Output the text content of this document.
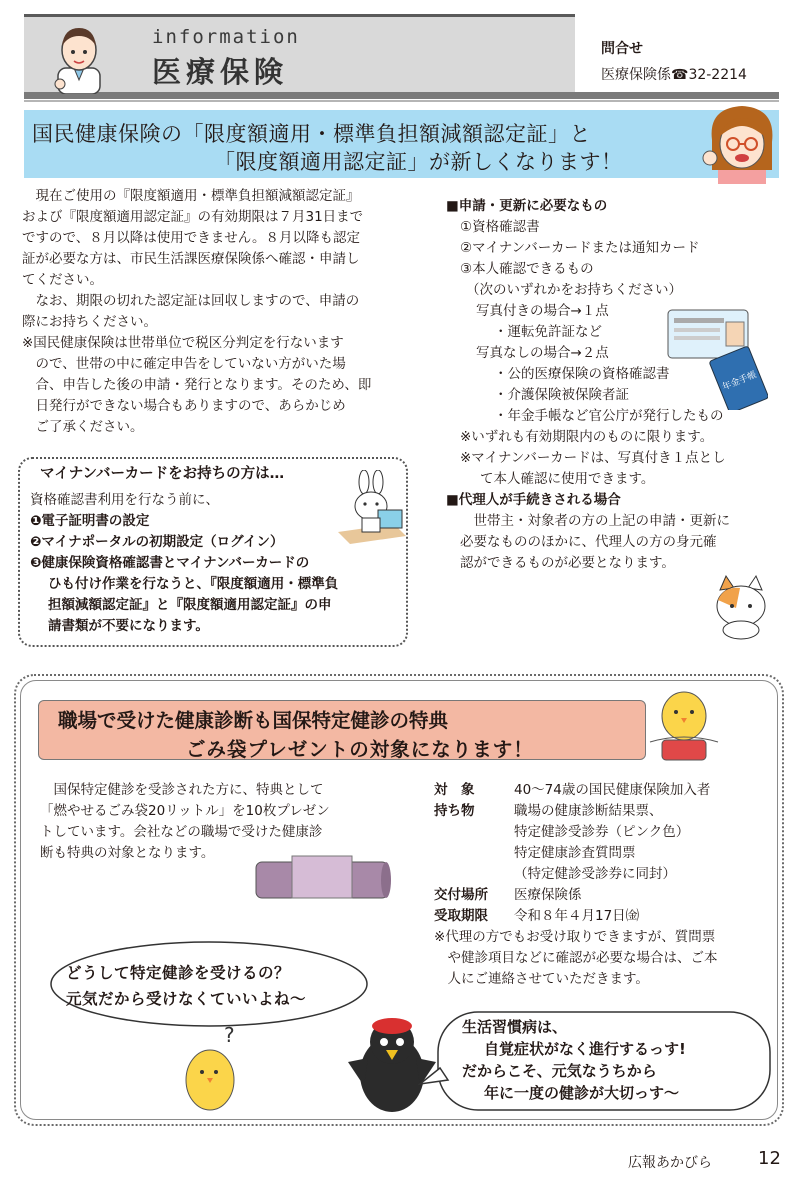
information
医療保険
問合せ
医療保険係☎32-2214
国民健康保険の「限度額適用・標準負担額減額認定証」と
「限度額適用認定証」が新しくなります！
　現在ご使用の『限度額適用・標準負担額減額認定証』
および『限度額適用認定証』の有効期限は７月31日まで
ですので、８月以降は使用できません。８月以降も認定
証が必要な方は、市民生活課医療保険係へ確認・申請し
てください。
　なお、期限の切れた認定証は回収しますので、申請の
際にお持ちください。
※国民健康保険は世帯単位で税区分判定を行ないます
　ので、世帯の中に確定申告をしていない方がいた場
　合、申告した後の申請・発行となります。そのため、即
　日発行ができない場合もありますので、あらかじめ
　ご了承ください。
マイナンバーカードをお持ちの方は…
資格確認書利用を行なう前に、
❶電子証明書の設定
❷マイナポータルの初期設定（ログイン）
❸健康保険資格確認書とマイナンバーカードの
ひも付け作業を行なうと、『限度額適用・標準負
担額減額認定証』と『限度額適用認定証』の申
請書類が不要になります。
■申請・更新に必要なもの
①資格確認書
②マイナンバーカードまたは通知カード
③本人確認できるもの
（次のいずれかをお持ちください）
写真付きの場合→１点
・運転免許証など
写真なしの場合→２点
・公的医療保険の資格確認書
・介護保険被保険者証
・年金手帳など官公庁が発行したもの
※いずれも有効期限内のものに限ります。
※マイナンバーカードは、写真付き１点とし
て本人確認に使用できます。
■代理人が手続きされる場合
　世帯主・対象者の方の上記の申請・更新に
必要なもののほかに、代理人の方の身元確
認ができるものが必要となります。
年金手帳
職場で受けた健康診断も国保特定健診の特典
ごみ袋プレゼントの対象になります！
　国保特定健診を受診された方に、特典として
「燃やせるごみ袋20リットル」を10枚プレゼン
トしています。会社などの職場で受けた健康診
断も特典の対象となります。
対　象	40～74歳の国民健康保険加入者
持ち物	職場の健康診断結果票、
特定健診受診券（ピンク色）
特定健康診査質問票
（特定健診受診券に同封）
交付場所	医療保険係
受取期限	令和８年４月17日㈮
※代理の方でもお受け取りできますが、質問票
　や健診項目などに確認が必要な場合は、ご本
　人にご連絡させていただきます。
どうして特定健診を受けるの？
元気だから受けなくていいよね～
?	生活習慣病は、
自覚症状がなく進行するっす!
だからこそ、元気なうちから
年に一度の健診が大切っす～
広報あかびら	12
